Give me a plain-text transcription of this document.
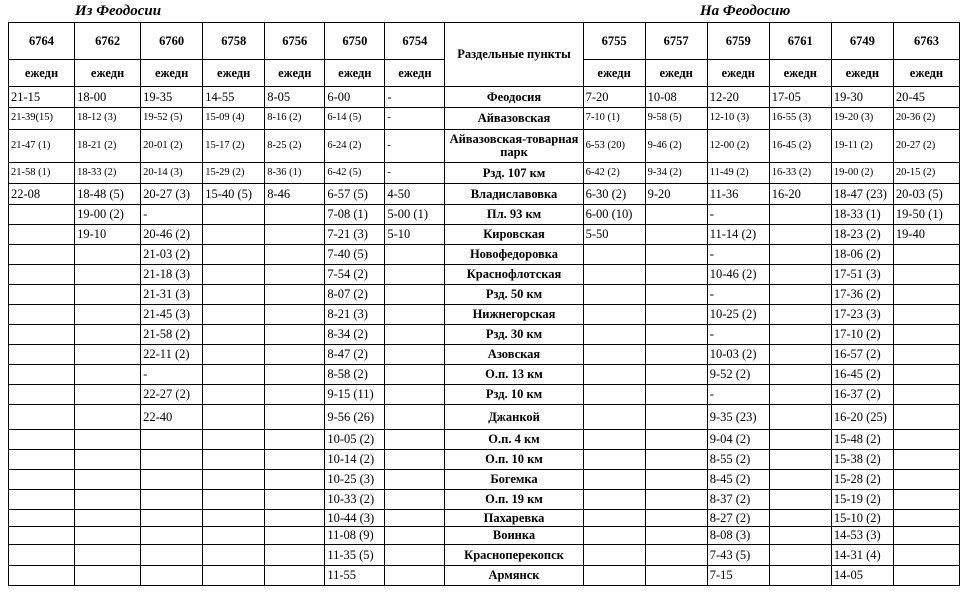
Из Феодосии	На Феодосию
6764	6762	6760	6758	6756	6750	6754	Раздельные пункты	6755	6757	6759	6761	6749	6763
ежедн	ежедн	ежедн	ежедн	ежедн	ежедн	ежедн		ежедн	ежедн	ежедн	ежедн	ежедн	ежедн
21-15	18-00	19-35	14-55	8-05	6-00	-	Феодосия	7-20	10-08	12-20	17-05	19-30	20-45
21-39(15)	18-12 (3)	19-52 (5)	15-09 (4)	8-16 (2)	6-14 (5)	-	Айвазовская	7-10 (1)	9-58 (5)	12-10 (3)	16-55 (3)	19-20 (3)	20-36 (2)
21-47 (1)	18-21 (2)	20-01 (2)	15-17 (2)	8-25 (2)	6-24 (2)	-	Айвазовская-товарная парк	6-53 (20)	9-46 (2)	12-00 (2)	16-45 (2)	19-11 (2)	20-27 (2)
21-58 (1)	18-33 (2)	20-14 (3)	15-29 (2)	8-36 (1)	6-42 (5)	-	Рзд. 107 км	6-42 (2)	9-34 (2)	11-49 (2)	16-33 (2)	19-00 (2)	20-15 (2)
22-08	18-48 (5)	20-27 (3)	15-40 (5)	8-46	6-57 (5)	4-50	Владиславовка	6-30 (2)	9-20	11-36	16-20	18-47 (23)	20-03 (5)
	19-00 (2)	-			7-08 (1)	5-00 (1)	Пл. 93 км	6-00 (10)		-		18-33 (1)	19-50 (1)
	19-10	20-46 (2)			7-21 (3)	5-10	Кировская	5-50		11-14 (2)		18-23 (2)	19-40
		21-03 (2)			7-40 (5)		Новофедоровка			-		18-06 (2)	
		21-18 (3)			7-54 (2)		Краснофлотская			10-46 (2)		17-51 (3)	
		21-31 (3)			8-07 (2)		Рзд. 50 км			-		17-36 (2)	
		21-45 (3)			8-21 (3)		Нижнегорская			10-25 (2)		17-23 (3)	
		21-58 (2)			8-34 (2)		Рзд. 30 км			-		17-10 (2)	
		22-11 (2)			8-47 (2)		Азовская			10-03 (2)		16-57 (2)	
		-			8-58 (2)		О.п. 13 км			9-52 (2)		16-45 (2)	
		22-27 (2)			9-15 (11)		Рзд. 10 км			-		16-37 (2)	
		22-40			9-56 (26)		Джанкой			9-35 (23)		16-20 (25)	
					10-05 (2)		О.п. 4 км			9-04 (2)		15-48 (2)	
					10-14 (2)		О.п. 10 км			8-55 (2)		15-38 (2)	
					10-25 (3)		Богемка			8-45 (2)		15-28 (2)	
					10-33 (2)		О.п. 19 км			8-37 (2)		15-19 (2)	
					10-44 (3)		Пахаревка			8-27 (2)		15-10 (2)	
					11-08 (9)		Воинка			8-08 (3)		14-53 (3)	
					11-35 (5)		Красноперекопск			7-43 (5)		14-31 (4)	
					11-55		Армянск			7-15		14-05	
